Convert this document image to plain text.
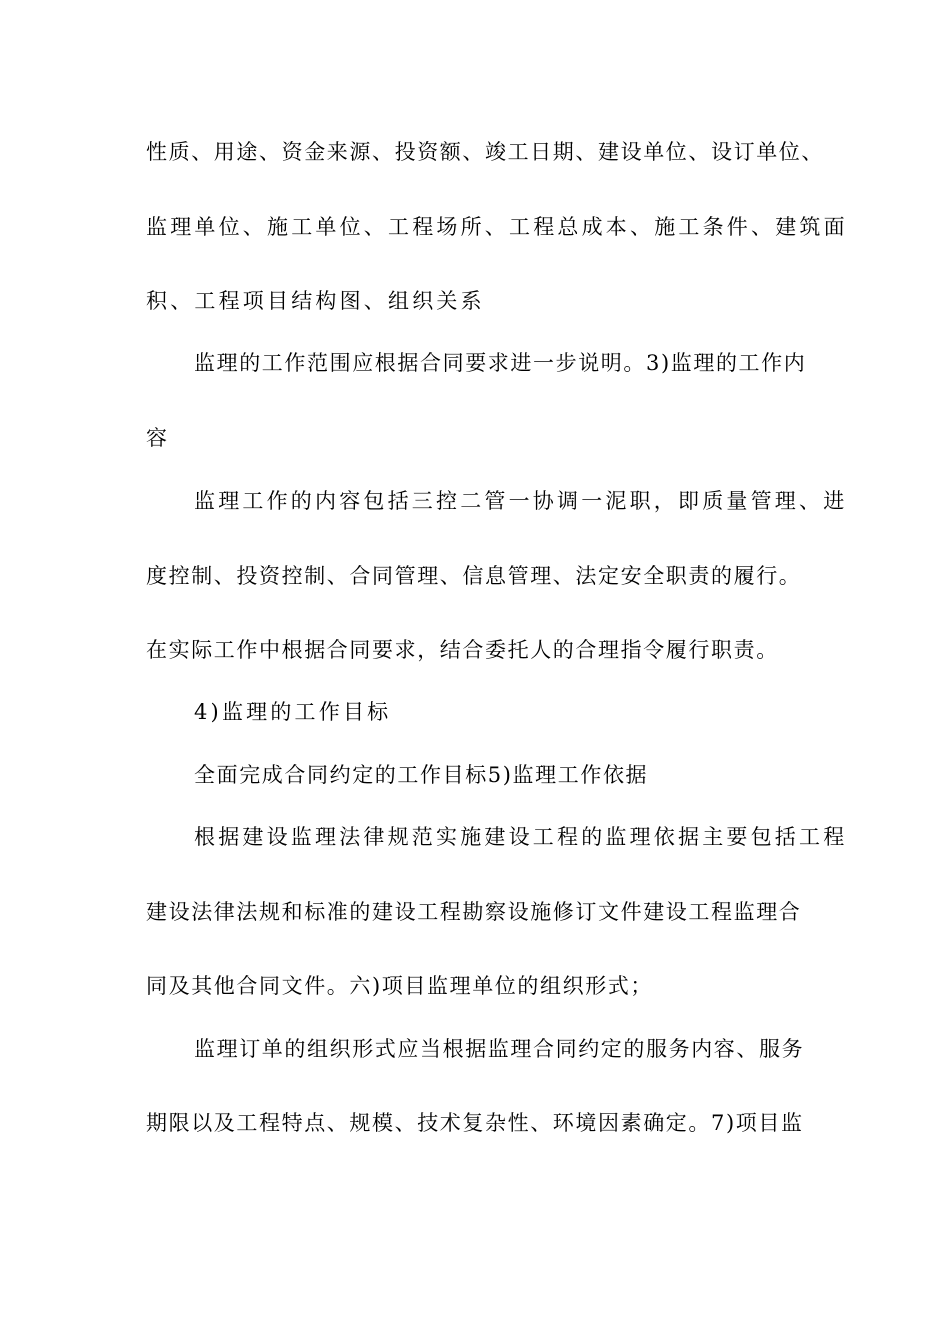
性质、用途、资金来源、投资额、竣工日期、建设单位、设订单位、
监理单位、施工单位、工程场所、工程总成本、施工条件、建筑面
积、工程项目结构图、组织关系
监理的工作范围应根据合同要求进一步说明。3)监理的工作内
容
监理工作的内容包括三控二管一协调一泥职，即质量管理、进
度控制、投资控制、合同管理、信息管理、法定安全职责的履行。
在实际工作中根据合同要求，结合委托人的合理指令履行职责。
4)监理的工作目标
全面完成合同约定的工作目标5)监理工作依据
根据建设监理法律规范实施建设工程的监理依据主要包括工程
建设法律法规和标准的建设工程勘察设施修订文件建设工程监理合
同及其他合同文件。六)项目监理单位的组织形式；
监理订单的组织形式应当根据监理合同约定的服务内容、服务
期限以及工程特点、规模、技术复杂性、环境因素确定。7)项目监
